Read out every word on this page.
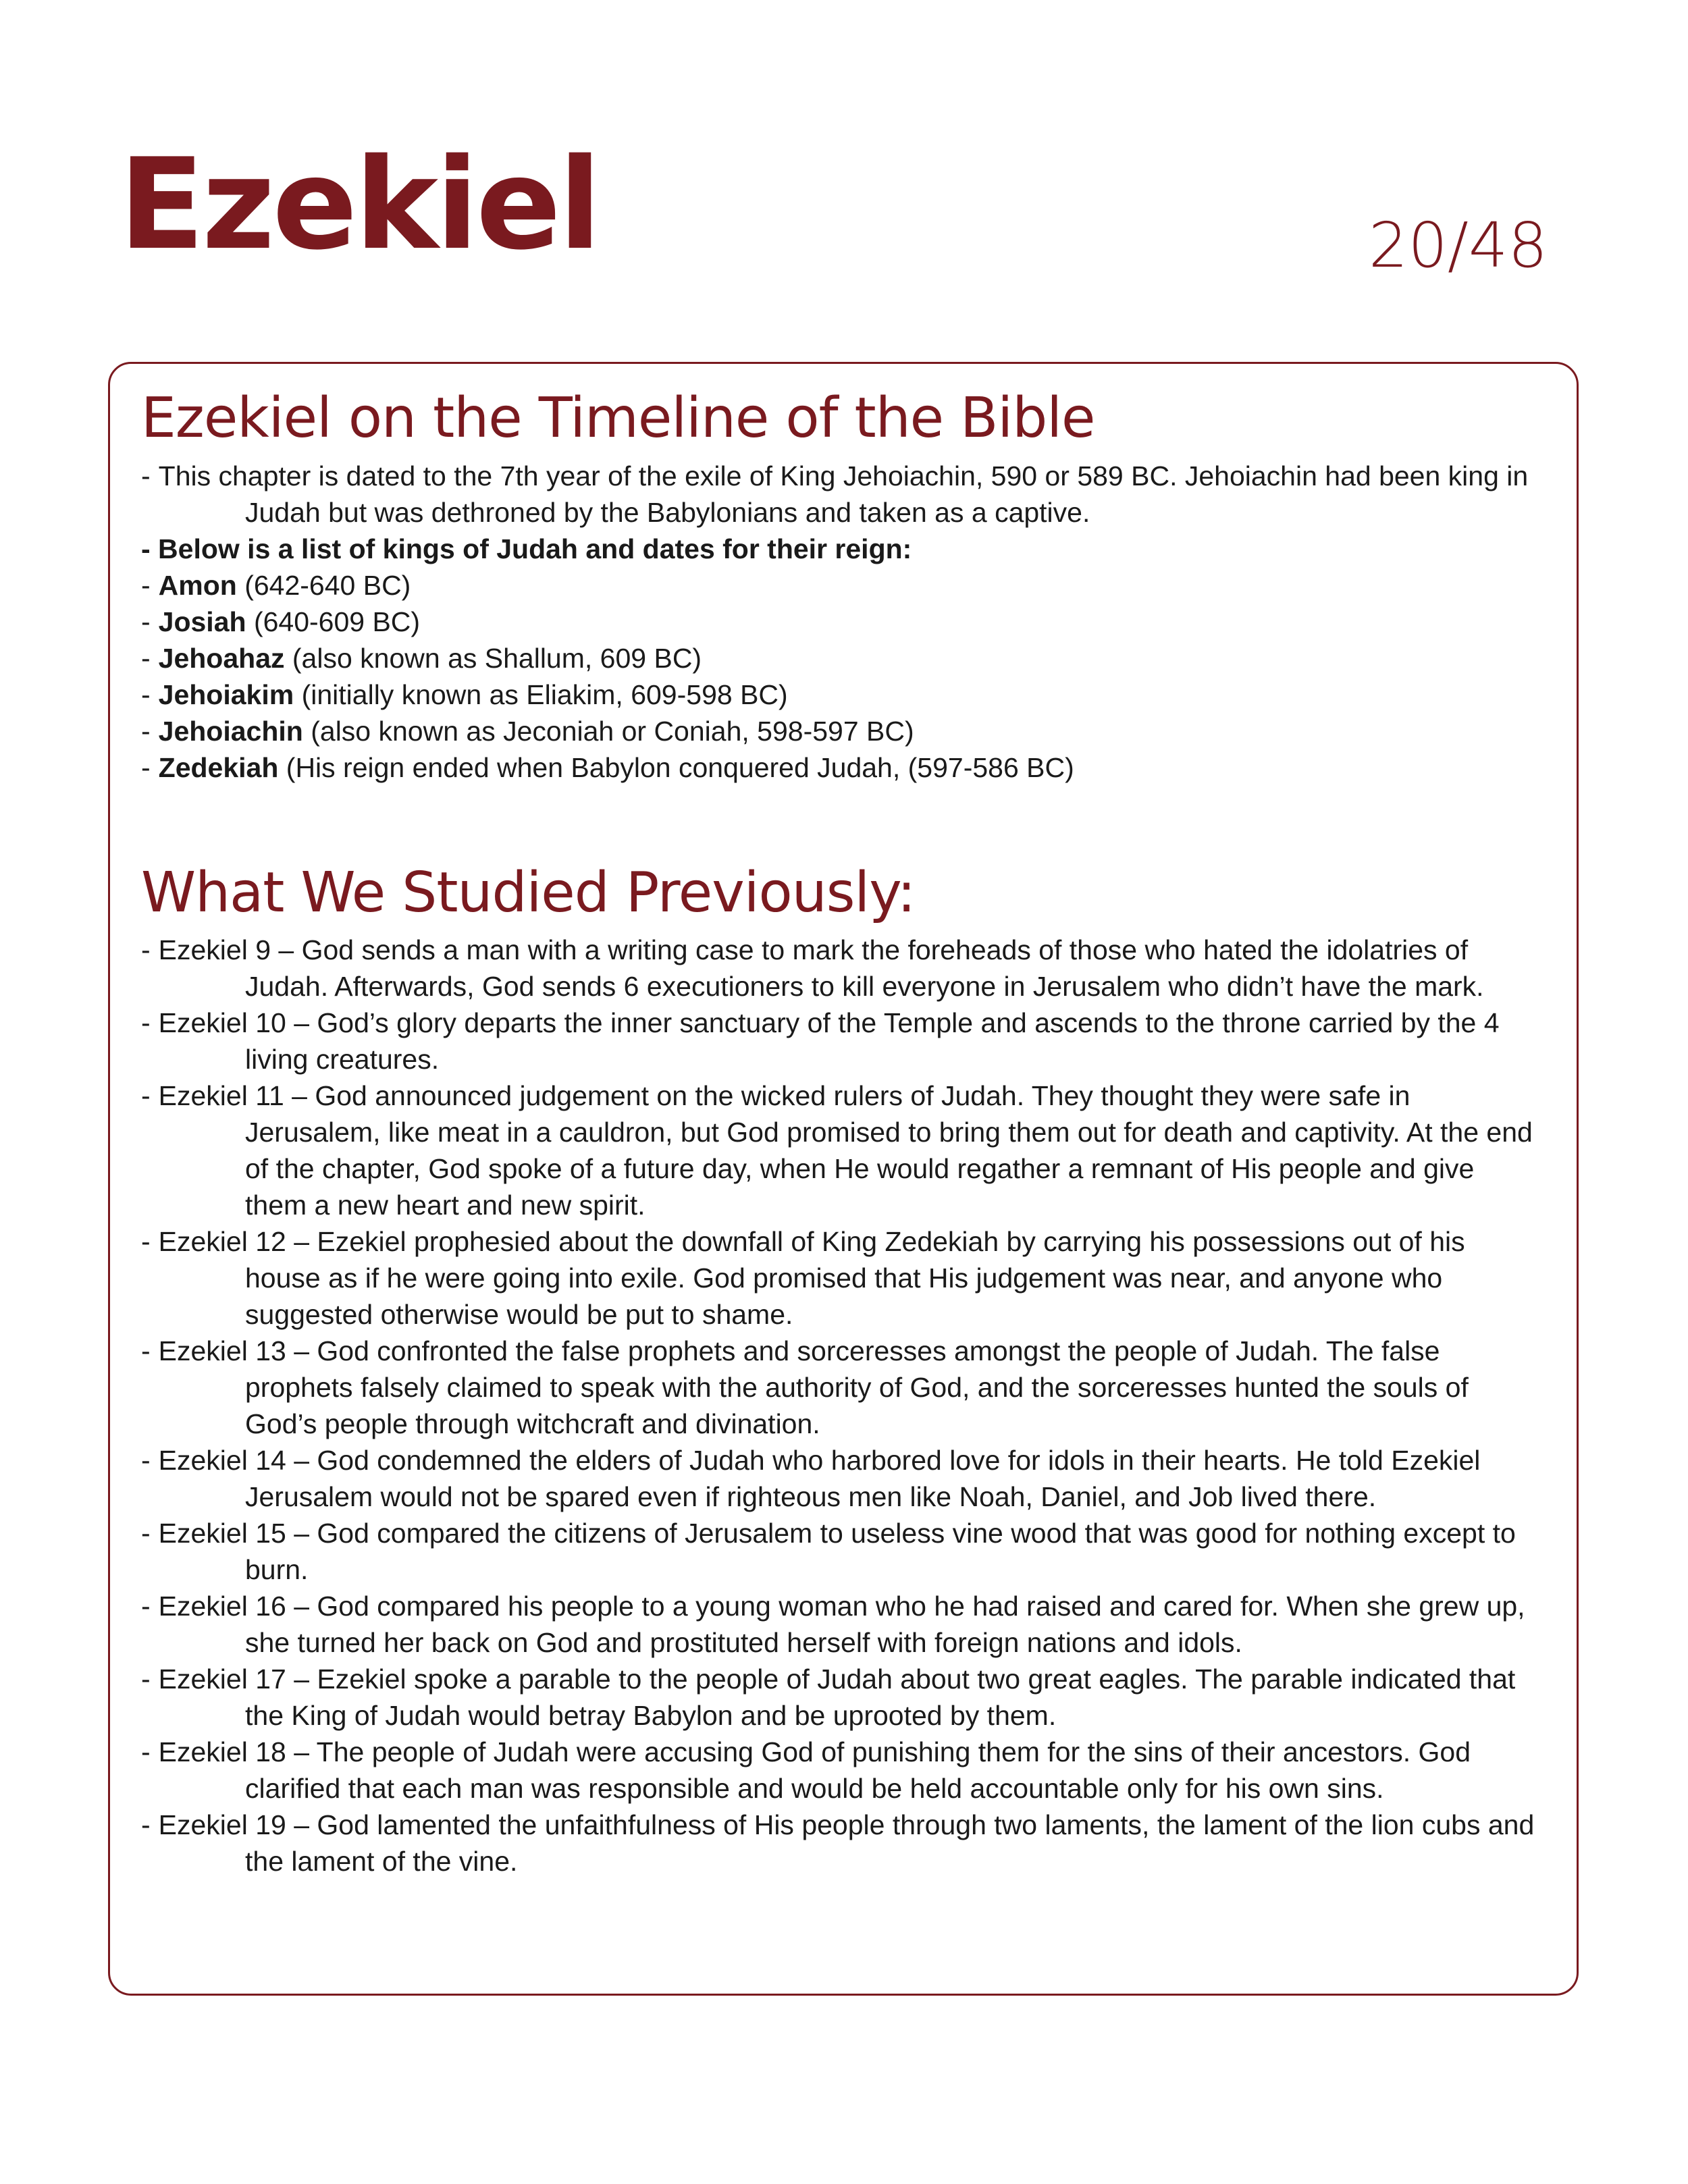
Ezekiel	20/48
Ezekiel on the Timeline of the Bible
- This chapter is dated to the 7th year of the exile of King Jehoiachin, 590 or 589 BC. Jehoiachin had been king in Judah but was dethroned by the Babylonians and taken as a captive.
- Below is a list of kings of Judah and dates for their reign:
- Amon (642-640 BC)
- Josiah (640-609 BC)
- Jehoahaz (also known as Shallum, 609 BC)
- Jehoiakim (initially known as Eliakim, 609-598 BC)
- Jehoiachin (also known as Jeconiah or Coniah, 598-597 BC)
- Zedekiah (His reign ended when Babylon conquered Judah, (597-586 BC)
What We Studied Previously:
- Ezekiel 9 – God sends a man with a writing case to mark the foreheads of those who hated the idolatries of Judah. Afterwards, God sends 6 executioners to kill everyone in Jerusalem who didn’t have the mark.
- Ezekiel 10 – God’s glory departs the inner sanctuary of the Temple and ascends to the throne carried by the 4 living creatures.
- Ezekiel 11 – God announced judgement on the wicked rulers of Judah. They thought they were safe in Jerusalem, like meat in a cauldron, but God promised to bring them out for death and captivity. At the end of the chapter, God spoke of a future day, when He would regather a remnant of His people and give them a new heart and new spirit.
- Ezekiel 12 – Ezekiel prophesied about the downfall of King Zedekiah by carrying his possessions out of his house as if he were going into exile. God promised that His judgement was near, and anyone who suggested otherwise would be put to shame.
- Ezekiel 13 – God confronted the false prophets and sorceresses amongst the people of Judah. The false prophets falsely claimed to speak with the authority of God, and the sorceresses hunted the souls of God’s people through witchcraft and divination.
- Ezekiel 14 – God condemned the elders of Judah who harbored love for idols in their hearts. He told Ezekiel Jerusalem would not be spared even if righteous men like Noah, Daniel, and Job lived there.
- Ezekiel 15 – God compared the citizens of Jerusalem to useless vine wood that was good for nothing except to burn.
- Ezekiel 16 – God compared his people to a young woman who he had raised and cared for. When she grew up, she turned her back on God and prostituted herself with foreign nations and idols.
- Ezekiel 17 – Ezekiel spoke a parable to the people of Judah about two great eagles. The parable indicated that the King of Judah would betray Babylon and be uprooted by them.
- Ezekiel 18 – The people of Judah were accusing God of punishing them for the sins of their ancestors. God clarified that each man was responsible and would be held accountable only for his own sins.
- Ezekiel 19 – God lamented the unfaithfulness of His people through two laments, the lament of the lion cubs and the lament of the vine.
